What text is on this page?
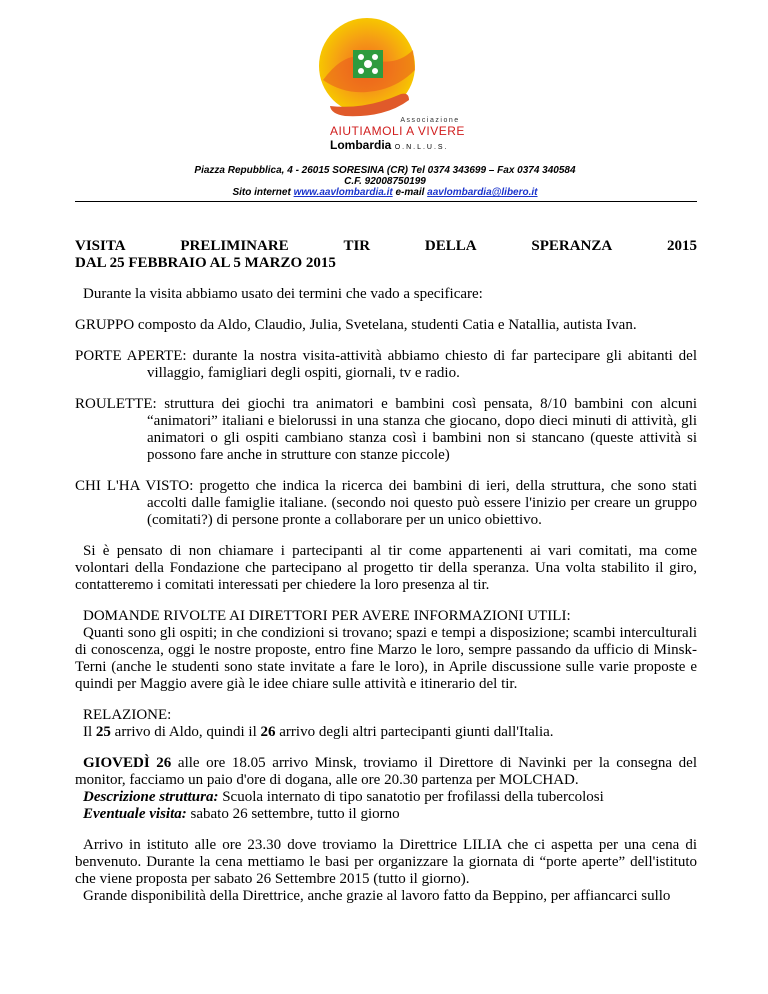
Associazione
AIUTIAMOLI A VIVERE
Lombardia O.N.L.U.S.
Piazza Repubblica, 4 - 26015 SORESINA (CR) Tel 0374 343699 – Fax 0374 340584
C.F. 92008750199
Sito internet www.aavlombardia.it e-mail aavlombardia@libero.it
VISITA	PRELIMINARE	TIR	DELLA	SPERANZA	2015
DAL 25 FEBBRAIO AL 5 MARZO 2015

Durante la visita abbiamo usato dei termini che vado a specificare:

GRUPPO composto da Aldo, Claudio, Julia, Svetelana, studenti Catia e Natallia, autista Ivan.

PORTE APERTE: durante la nostra visita-attività abbiamo chiesto di far partecipare gli abitanti del villaggio, famigliari degli ospiti, giornali, tv e radio.

ROULETTE: struttura dei giochi tra animatori e bambini così pensata, 8/10 bambini con alcuni “animatori” italiani e bielorussi in una stanza che giocano, dopo dieci minuti di attività, gli animatori o gli ospiti cambiano stanza così i bambini non si stancano (queste attività si possono fare anche in strutture con stanze piccole)

CHI L'HA VISTO: progetto che indica la ricerca dei bambini di ieri, della struttura, che sono stati accolti dalle famiglie italiane. (secondo noi questo può essere l'inizio per creare un gruppo (comitati?) di persone pronte a collaborare per un unico obiettivo.

Si è pensato di non chiamare i partecipanti al tir come appartenenti ai vari comitati, ma come volontari della Fondazione che partecipano al progetto tir della speranza. Una volta stabilito il giro, contatteremo i comitati interessati per chiedere la loro presenza al tir.

DOMANDE RIVOLTE AI DIRETTORI PER AVERE INFORMAZIONI UTILI:
Quanti sono gli ospiti; in che condizioni si trovano; spazi e tempi a disposizione; scambi interculturali di conoscenza, oggi le nostre proposte, entro fine Marzo le loro, sempre passando da ufficio di Minsk-Terni (anche le studenti sono state invitate a fare le loro), in Aprile discussione sulle varie proposte e quindi per Maggio avere già le idee chiare sulle attività e itinerario del tir.
RELAZIONE:
Il 25 arrivo di Aldo, quindi il 26 arrivo degli altri partecipanti giunti dall'Italia.
GIOVEDÌ 26 alle ore 18.05 arrivo Minsk, troviamo il Direttore di Navinki per la consegna del monitor, facciamo un paio d'ore di dogana, alle ore 20.30 partenza per MOLCHAD.
Descrizione struttura: Scuola internato di tipo sanatotio per frofilassi della tubercolosi
Eventuale visita: sabato 26 settembre, tutto il giorno
Arrivo in istituto alle ore 23.30 dove troviamo la Direttrice LILIA che ci aspetta per una cena di benvenuto. Durante la cena mettiamo le basi per organizzare la giornata di “porte aperte” dell'istituto che viene proposta per sabato 26 Settembre 2015 (tutto il giorno).
Grande disponibilità della Direttrice, anche grazie al lavoro fatto da Beppino, per affiancarci sullo
